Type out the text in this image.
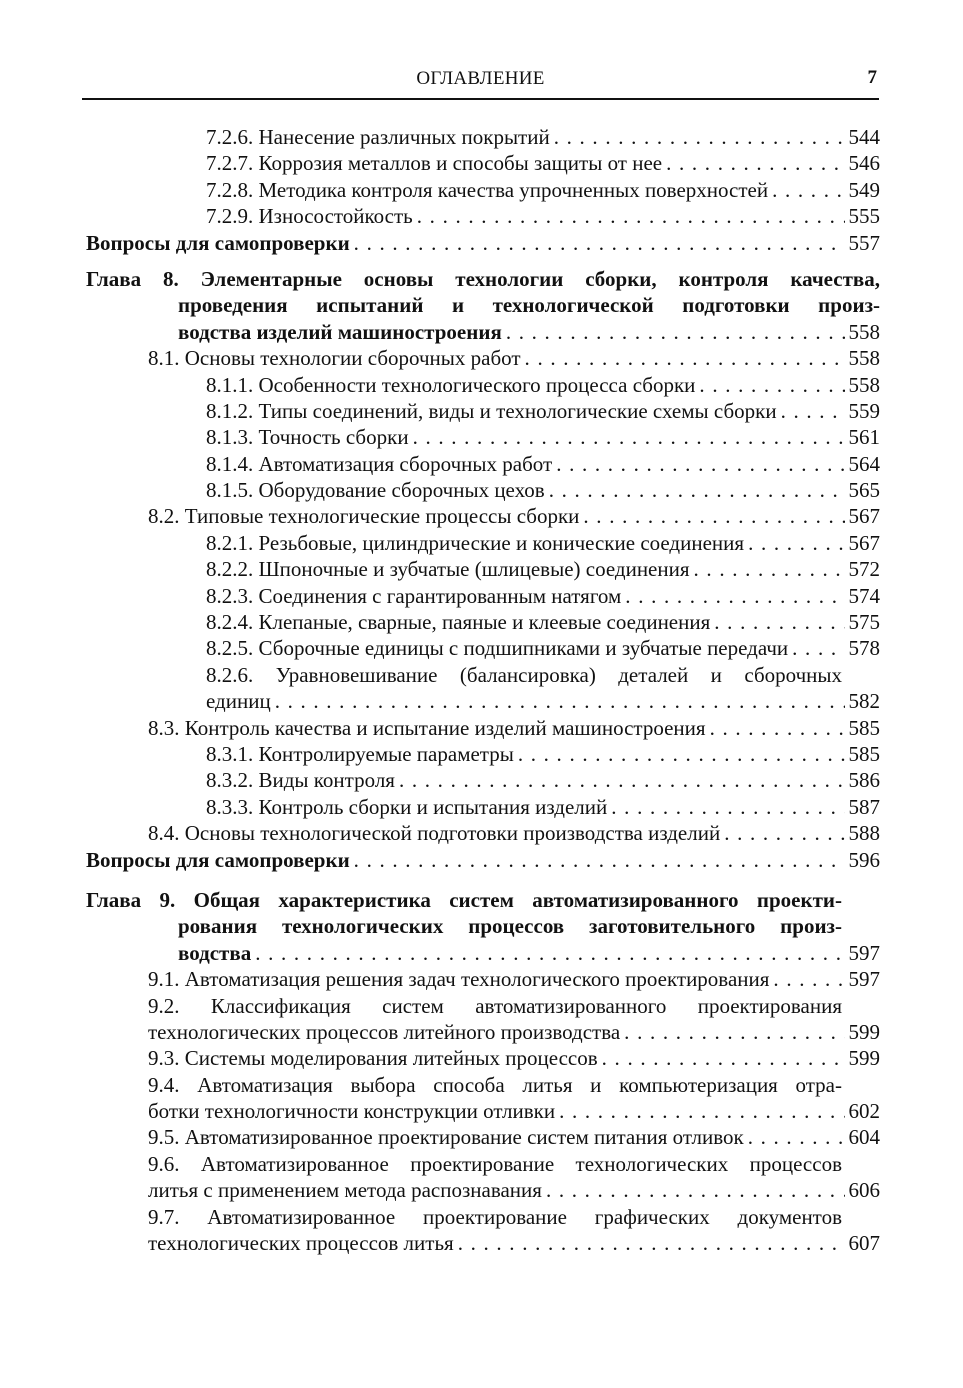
ОГЛАВЛЕНИЕ	7
7.2.6. Нанесение различных покрытий . . .	544
7.2.7. Коррозия металлов и способы защиты от нее . . .	546
7.2.8. Методика контроля качества упрочненных поверхностей . . .	549
7.2.9. Износостойкость . . .	555
Вопросы для самопроверки . . .	557
Глава 8. Элементарные основы технологии сборки, контроля качества,
проведения испытаний и технологической подготовки произ-
водства изделий машиностроения . . .	558
8.1. Основы технологии сборочных работ . . .	558
8.1.1. Особенности технологического процесса сборки . . .	558
8.1.2. Типы соединений, виды и технологические схемы сборки . . .	559
8.1.3. Точность сборки . . .	561
8.1.4. Автоматизация сборочных работ . . .	564
8.1.5. Оборудование сборочных цехов . . .	565
8.2. Типовые технологические процессы сборки . . .	567
8.2.1. Резьбовые, цилиндрические и конические соединения . . .	567
8.2.2. Шпоночные и зубчатые (шлицевые) соединения . . .	572
8.2.3. Соединения с гарантированным натягом . . .	574
8.2.4. Клепаные, сварные, паяные и клеевые соединения . . .	575
8.2.5. Сборочные единицы с подшипниками и зубчатые передачи . . .	578
8.2.6. Уравновешивание (балансировка) деталей и сборочных
единиц . . .	582
8.3. Контроль качества и испытание изделий машиностроения . . .	585
8.3.1. Контролируемые параметры . . .	585
8.3.2. Виды контроля . . .	586
8.3.3. Контроль сборки и испытания изделий . . .	587
8.4. Основы технологической подготовки производства изделий . . .	588
Вопросы для самопроверки . . .	596
Глава 9. Общая характеристика систем автоматизированного проекти-
рования технологических процессов заготовительного произ-
водства . . .	597
9.1. Автоматизация решения задач технологического проектирования . . .	597
9.2. Классификация систем автоматизированного проектирования
технологических процессов литейного производства . . .	599
9.3. Системы моделирования литейных процессов . . .	599
9.4. Автоматизация выбора способа литья и компьютеризация отра-
ботки технологичности конструкции отливки . . .	602
9.5. Автоматизированное проектирование систем питания отливок . . .	604
9.6. Автоматизированное проектирование технологических процессов
литья с применением метода распознавания . . .	606
9.7. Автоматизированное проектирование графических документов
технологических процессов литья . . .	607
